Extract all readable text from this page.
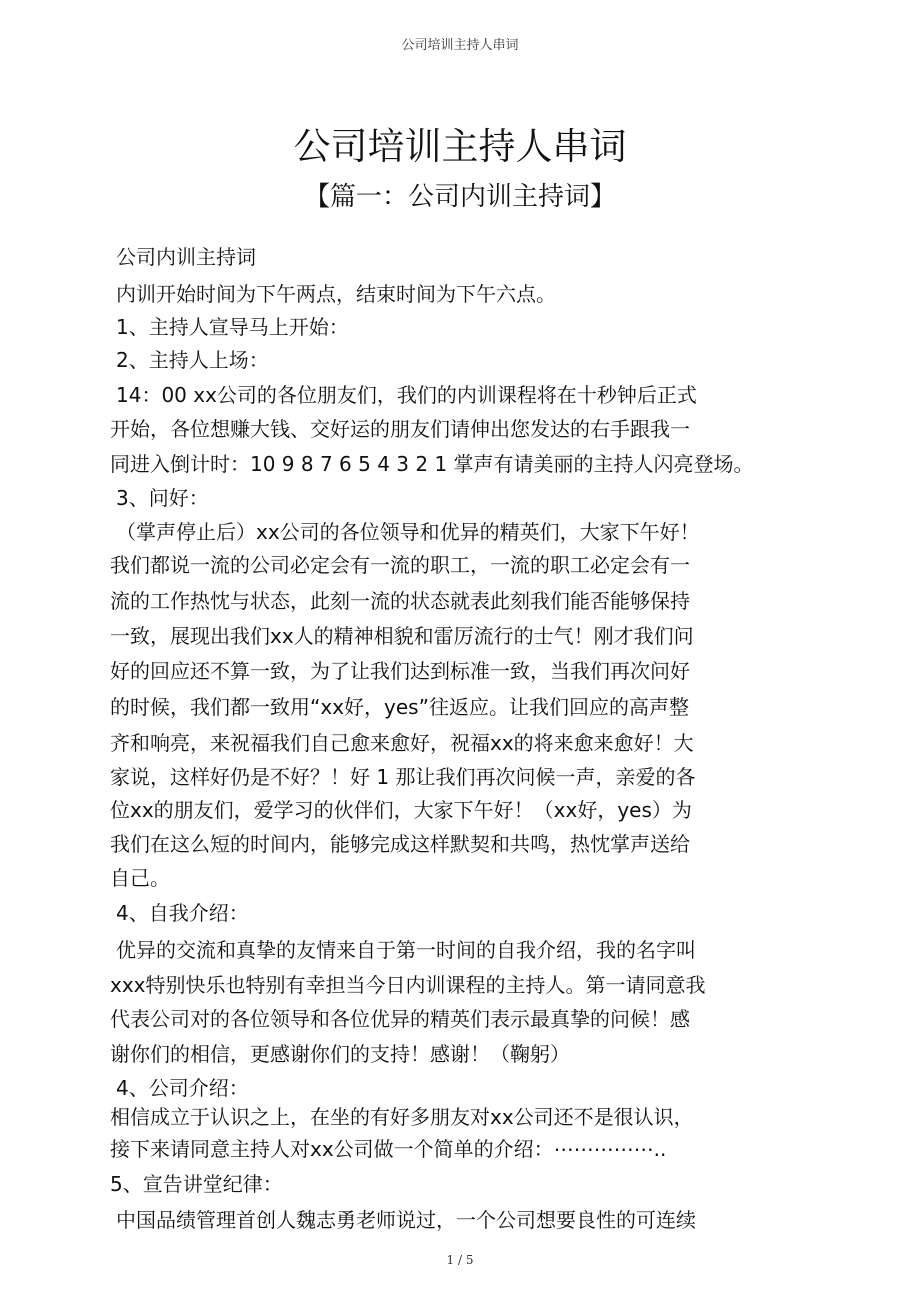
公司培训主持人串词
公司培训主持人串词
【篇一：公司内训主持词】
公司内训主持词
内训开始时间为下午两点，结束时间为下午六点。
1、主持人宣导马上开始：
2、主持人上场：
14：00 xx公司的各位朋友们，我们的内训课程将在十秒钟后正式
开始，各位想赚大钱、交好运的朋友们请伸出您发达的右手跟我一
同进入倒计时：10 9 8 7 6 5 4 3 2 1 掌声有请美丽的主持人闪亮登场。
3、问好：
（掌声停止后）xx公司的各位领导和优异的精英们，大家下午好！
我们都说一流的公司必定会有一流的职工，一流的职工必定会有一
流的工作热忱与状态，此刻一流的状态就表此刻我们能否能够保持
一致，展现出我们xx人的精神相貌和雷厉流行的士气！刚才我们问
好的回应还不算一致，为了让我们达到标准一致，当我们再次问好
的时候，我们都一致用“xx好，yes”往返应。让我们回应的高声整
齐和响亮，来祝福我们自己愈来愈好，祝福xx的将来愈来愈好！大
家说，这样好仍是不好？！好 1 那让我们再次问候一声，亲爱的各
位xx的朋友们，爱学习的伙伴们，大家下午好！（xx好，yes）为
我们在这么短的时间内，能够完成这样默契和共鸣，热忱掌声送给
自己。
4、自我介绍：
优异的交流和真挚的友情来自于第一时间的自我介绍，我的名字叫
xxx特别快乐也特别有幸担当今日内训课程的主持人。第一请同意我
代表公司对的各位领导和各位优异的精英们表示最真挚的问候！感
谢你们的相信，更感谢你们的支持！感谢！（鞠躬）
4、公司介绍：
相信成立于认识之上，在坐的有好多朋友对xx公司还不是很认识，
接下来请同意主持人对xx公司做一个简单的介绍：⋯⋯⋯⋯⋯..
5、宣告讲堂纪律：
中国品绩管理首创人魏志勇老师说过，一个公司想要良性的可连续
1 / 5
